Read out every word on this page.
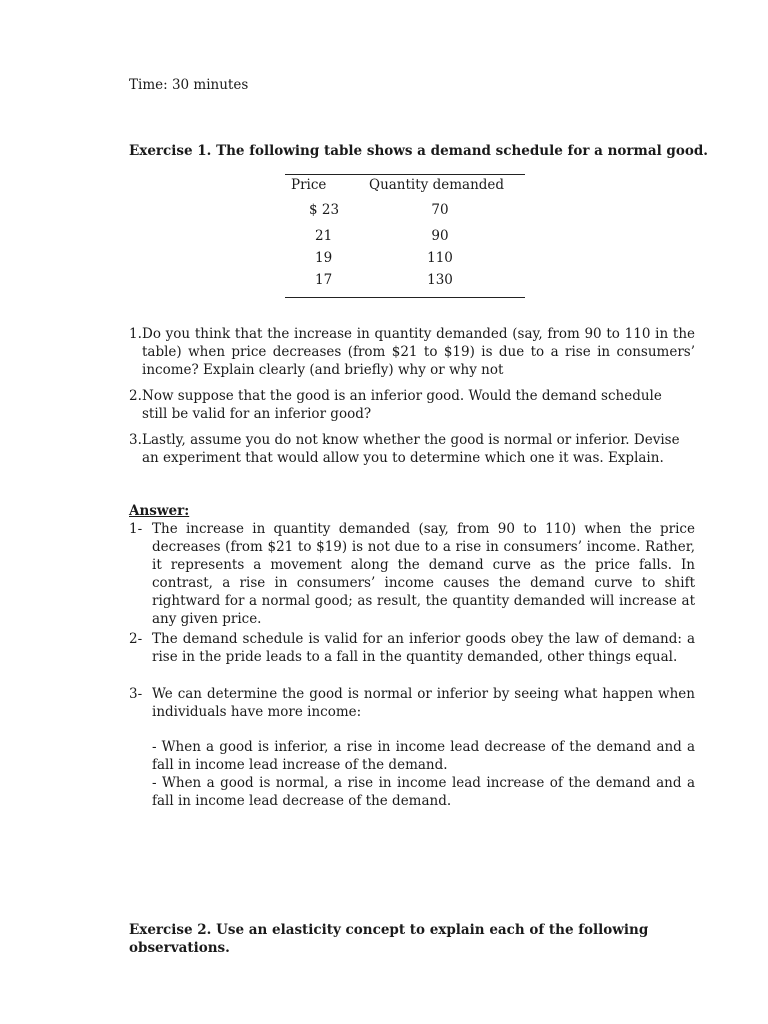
Time: 30 minutes
Exercise 1. The following table shows a demand schedule for a normal good.
Price	Quantity demanded
$ 23	70
21	90
19	110
17	130
1. Do you think that the increase in quantity demanded (say, from 90 to 110 in the table) when price decreases (from $21 to $19) is due to a rise in consumers’ income? Explain clearly (and briefly) why or why not
2. Now suppose that the good is an inferior good. Would the demand schedule still be valid for an inferior good?
3. Lastly, assume you do not know whether the good is normal or inferior. Devise an experiment that would allow you to determine which one it was. Explain.
Answer:
1- The increase in quantity demanded (say, from 90 to 110) when the price decreases (from $21 to $19) is not due to a rise in consumers’ income. Rather, it represents a movement along the demand curve as the price falls. In contrast, a rise in consumers’ income causes the demand curve to shift rightward for a normal good; as result, the quantity demanded will increase at any given price.
2- The demand schedule is valid for an inferior goods obey the law of demand: a rise in the pride leads to a fall in the quantity demanded, other things equal.
3- We can determine the good is normal or inferior by seeing what happen when individuals have more income:
- When a good is inferior, a rise in income lead decrease of the demand and a fall in income lead increase of the demand.
- When a good is normal, a rise in income lead increase of the demand and a fall in income lead decrease of the demand.
Exercise 2. Use an elasticity concept to explain each of the following observations.
